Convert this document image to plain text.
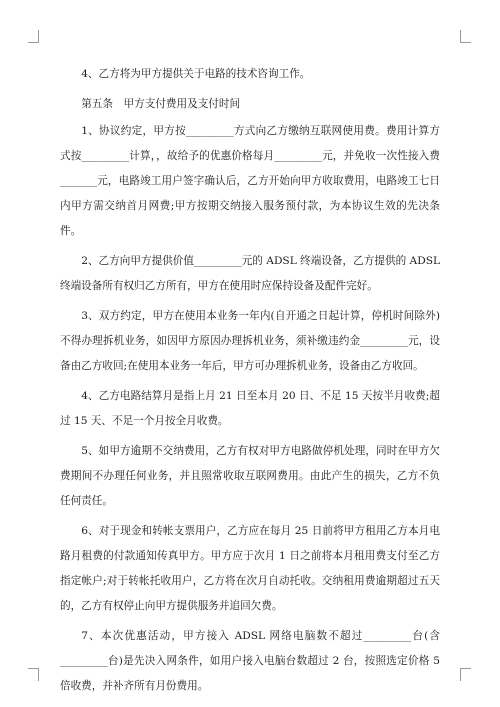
4、乙方将为甲方提供关于电路的技术咨询工作。

第五条　甲方支付费用及支付时间

1、协议约定，甲方按_________方式向乙方缴纳互联网使用费。费用计算方式按_________计算，，故给予的优惠价格每月_________元，并免收一次性接入费_______元，电路竣工用户签字确认后，乙方开始向甲方收取费用，电路竣工七日内甲方需交纳首月网费;甲方按期交纳接入服务预付款，为本协议生效的先决条件。

2、乙方向甲方提供价值_________元的 ADSL 终端设备，乙方提供的 ADSL 终端设备所有权归乙方所有，甲方在使用时应保持设备及配件完好。

3、双方约定，甲方在使用本业务一年内(自开通之日起计算，停机时间除外)不得办理拆机业务，如因甲方原因办理拆机业务，须补缴违约金_________元，设备由乙方收回;在使用本业务一年后，甲方可办理拆机业务，设备由乙方收回。

4、乙方电路结算月是指上月 21 日至本月 20 日、不足 15 天按半月收费;超过 15 天、不足一个月按全月收费。

5、如甲方逾期不交纳费用，乙方有权对甲方电路做停机处理，同时在甲方欠费期间不办理任何业务，并且照常收取互联网费用。由此产生的损失，乙方不负任何责任。

6、对于现金和转帐支票用户，乙方应在每月 25 日前将甲方租用乙方本月电路月租费的付款通知传真甲方。甲方应于次月 1 日之前将本月租用费支付至乙方指定帐户;对于转帐托收用户，乙方将在次月自动托收。交纳租用费逾期超过五天的，乙方有权停止向甲方提供服务并追回欠费。

7、本次优惠活动，甲方接入 ADSL 网络电脑数不超过_________台(含_________台)是先决入网条件，如用户接入电脑台数超过 2 台，按照选定价格 5 倍收费，并补齐所有月份费用。
